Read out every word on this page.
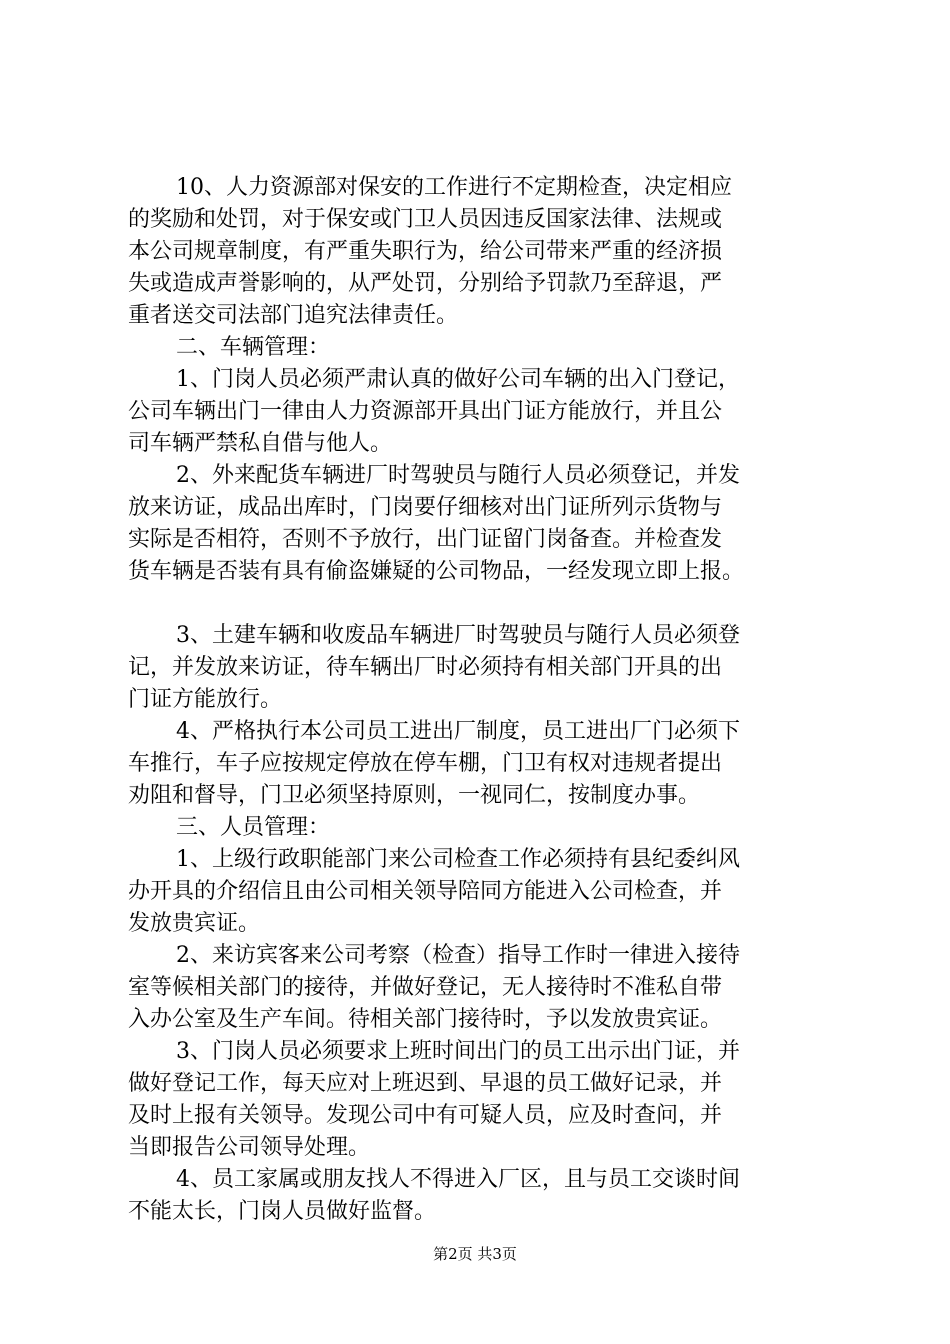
10、人力资源部对保安的工作进行不定期检查，决定相应
的奖励和处罚，对于保安或门卫人员因违反国家法律、法规或
本公司规章制度，有严重失职行为，给公司带来严重的经济损
失或造成声誉影响的，从严处罚，分别给予罚款乃至辞退，严
重者送交司法部门追究法律责任。
二、车辆管理：
1、门岗人员必须严肃认真的做好公司车辆的出入门登记，
公司车辆出门一律由人力资源部开具出门证方能放行，并且公
司车辆严禁私自借与他人。
2、外来配货车辆进厂时驾驶员与随行人员必须登记，并发
放来访证，成品出库时，门岗要仔细核对出门证所列示货物与
实际是否相符，否则不予放行，出门证留门岗备查。并检查发
货车辆是否装有具有偷盗嫌疑的公司物品，一经发现立即上报。
3、土建车辆和收废品车辆进厂时驾驶员与随行人员必须登
记，并发放来访证，待车辆出厂时必须持有相关部门开具的出
门证方能放行。
4、严格执行本公司员工进出厂制度，员工进出厂门必须下
车推行，车子应按规定停放在停车棚，门卫有权对违规者提出
劝阻和督导，门卫必须坚持原则，一视同仁，按制度办事。
三、人员管理：
1、上级行政职能部门来公司检查工作必须持有县纪委纠风
办开具的介绍信且由公司相关领导陪同方能进入公司检查，并
发放贵宾证。
2、来访宾客来公司考察（检查）指导工作时一律进入接待
室等候相关部门的接待，并做好登记，无人接待时不准私自带
入办公室及生产车间。待相关部门接待时，予以发放贵宾证。
3、门岗人员必须要求上班时间出门的员工出示出门证，并
做好登记工作，每天应对上班迟到、早退的员工做好记录，并
及时上报有关领导。发现公司中有可疑人员，应及时查问，并
当即报告公司领导处理。
4、员工家属或朋友找人不得进入厂区，且与员工交谈时间
不能太长，门岗人员做好监督。
第2页 共3页
